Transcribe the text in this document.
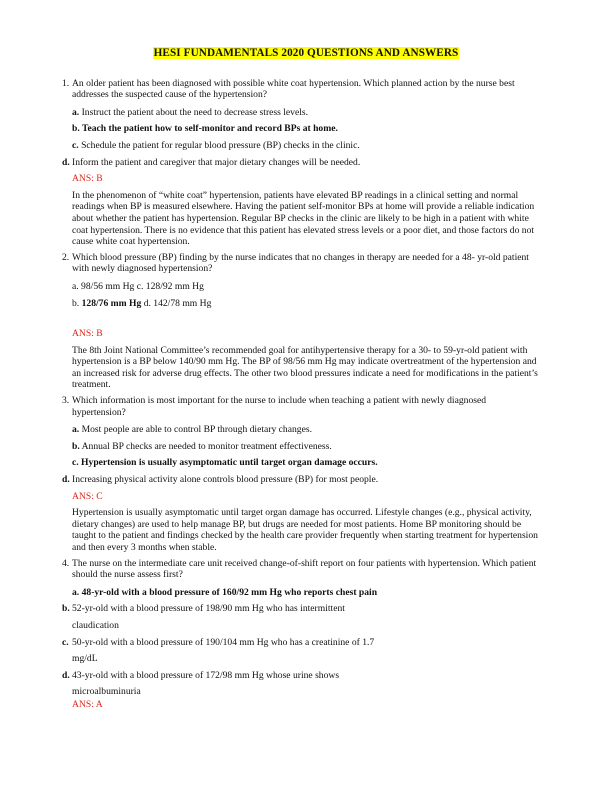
HESI FUNDAMENTALS 2020 QUESTIONS AND ANSWERS
1. An older patient has been diagnosed with possible white coat hypertension. Which planned action by the nurse best addresses the suspected cause of the hypertension?
a. Instruct the patient about the need to decrease stress levels.
b. Teach the patient how to self-monitor and record BPs at home.
c. Schedule the patient for regular blood pressure (BP) checks in the clinic.
d. Inform the patient and caregiver that major dietary changes will be needed.
ANS: B
In the phenomenon of “white coat” hypertension, patients have elevated BP readings in a clinical setting and normal readings when BP is measured elsewhere. Having the patient self-monitor BPs at home will provide a reliable indication about whether the patient has hypertension. Regular BP checks in the clinic are likely to be high in a patient with white coat hypertension. There is no evidence that this patient has elevated stress levels or a poor diet, and those factors do not cause white coat hypertension.
2. Which blood pressure (BP) finding by the nurse indicates that no changes in therapy are needed for a 48- yr-old patient with newly diagnosed hypertension?
a. 98/56 mm Hg c. 128/92 mm Hg
b. 128/76 mm Hg d. 142/78 mm Hg
ANS: B
The 8th Joint National Committee’s recommended goal for antihypertensive therapy for a 30- to 59-yr-old patient with hypertension is a BP below 140/90 mm Hg. The BP of 98/56 mm Hg may indicate overtreatment of the hypertension and an increased risk for adverse drug effects. The other two blood pressures indicate a need for modifications in the patient’s treatment.
3. Which information is most important for the nurse to include when teaching a patient with newly diagnosed hypertension?
a. Most people are able to control BP through dietary changes.
b. Annual BP checks are needed to monitor treatment effectiveness.
c. Hypertension is usually asymptomatic until target organ damage occurs.
d. Increasing physical activity alone controls blood pressure (BP) for most people.
ANS: C
Hypertension is usually asymptomatic until target organ damage has occurred. Lifestyle changes (e.g., physical activity, dietary changes) are used to help manage BP, but drugs are needed for most patients. Home BP monitoring should be taught to the patient and findings checked by the health care provider frequently when starting treatment for hypertension and then every 3 months when stable.
4. The nurse on the intermediate care unit received change-of-shift report on four patients with hypertension. Which patient should the nurse assess first?
a. 48-yr-old with a blood pressure of 160/92 mm Hg who reports chest pain
b. 52-yr-old with a blood pressure of 198/90 mm Hg who has intermittent
claudication
c. 50-yr-old with a blood pressure of 190/104 mm Hg who has a creatinine of 1.7
mg/dL
d. 43-yr-old with a blood pressure of 172/98 mm Hg whose urine shows
microalbuminuria
ANS: A
